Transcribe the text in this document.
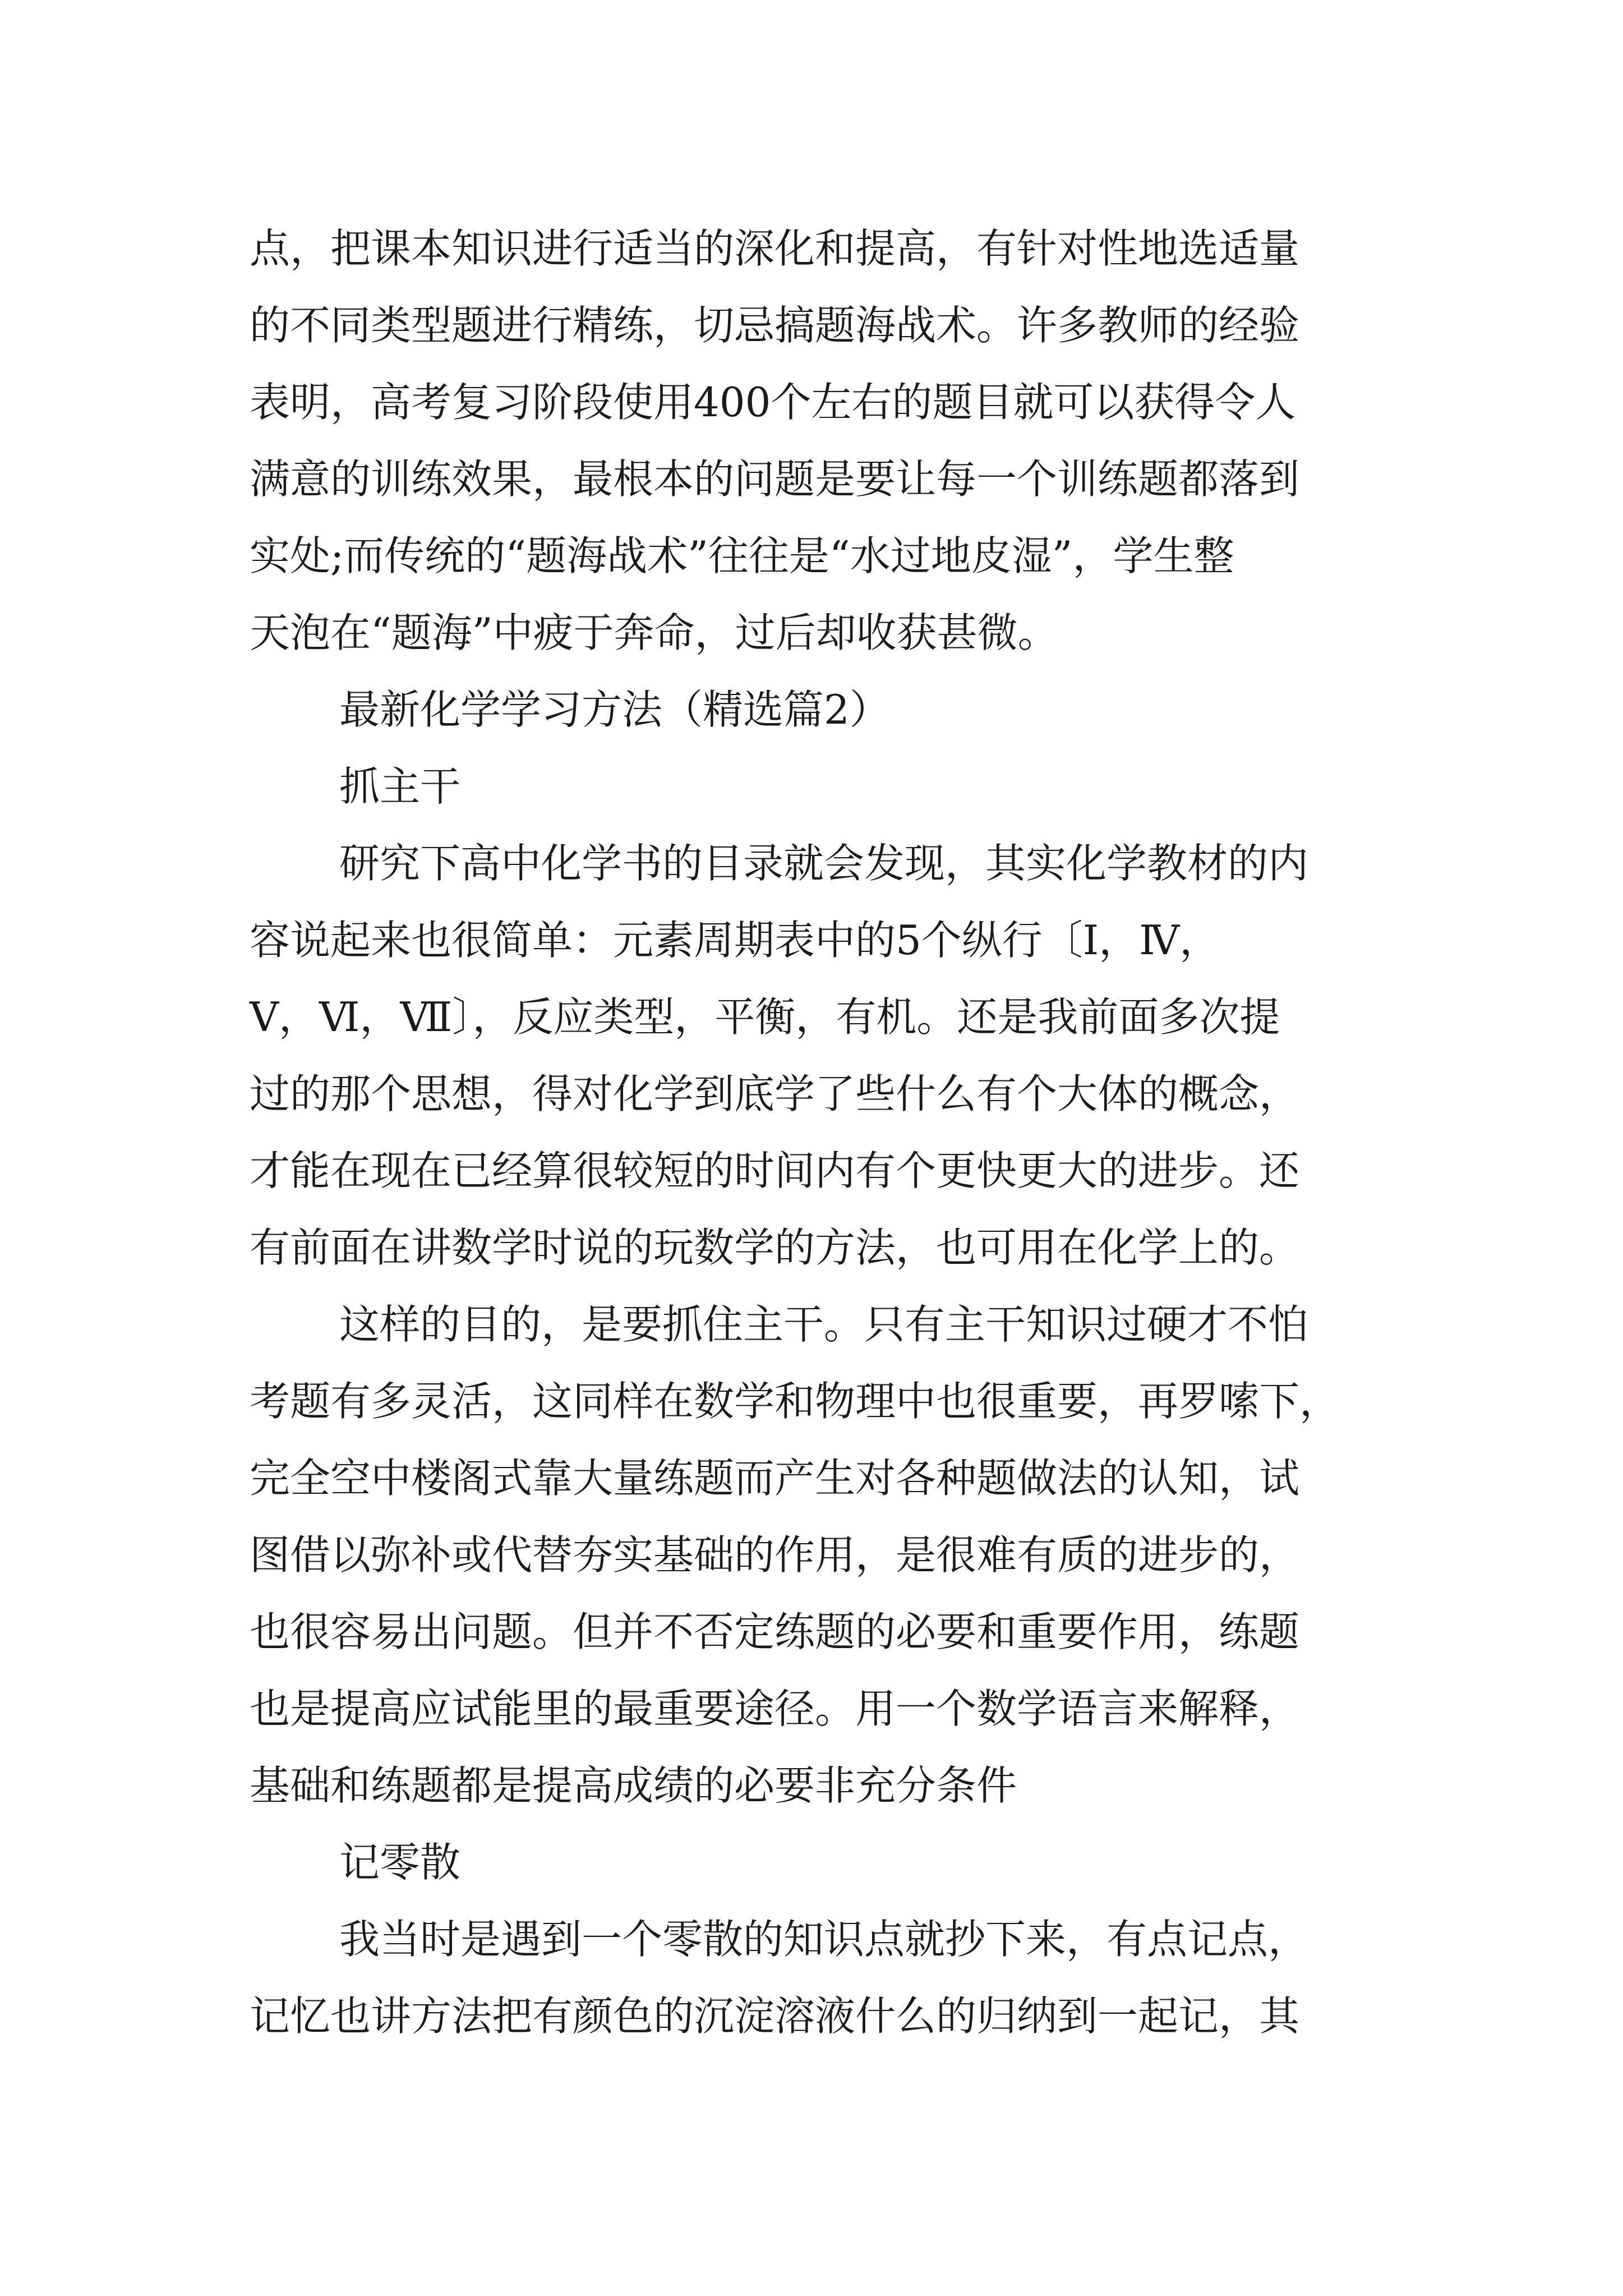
点，把课本知识进行适当的深化和提高，有针对性地选适量
的不同类型题进行精练，切忌搞题海战术。许多教师的经验
表明，高考复习阶段使用400个左右的题目就可以获得令人
满意的训练效果，最根本的问题是要让每一个训练题都落到
实处;而传统的“题海战术”往往是“水过地皮湿”，学生整
天泡在“题海”中疲于奔命，过后却收获甚微。
最新化学学习方法（精选篇2）
抓主干
研究下高中化学书的目录就会发现，其实化学教材的内
容说起来也很简单：元素周期表中的5个纵行〔Ⅰ，Ⅳ，
Ⅴ，Ⅵ，Ⅶ〕，反应类型，平衡，有机。还是我前面多次提
过的那个思想，得对化学到底学了些什么有个大体的概念，
才能在现在已经算很较短的时间内有个更快更大的进步。还
有前面在讲数学时说的玩数学的方法，也可用在化学上的。
这样的目的，是要抓住主干。只有主干知识过硬才不怕
考题有多灵活，这同样在数学和物理中也很重要，再罗嗦下，
完全空中楼阁式靠大量练题而产生对各种题做法的认知，试
图借以弥补或代替夯实基础的作用，是很难有质的进步的，
也很容易出问题。但并不否定练题的必要和重要作用，练题
也是提高应试能里的最重要途径。用一个数学语言来解释，
基础和练题都是提高成绩的必要非充分条件
记零散
我当时是遇到一个零散的知识点就抄下来，有点记点，
记忆也讲方法把有颜色的沉淀溶液什么的归纳到一起记，其
